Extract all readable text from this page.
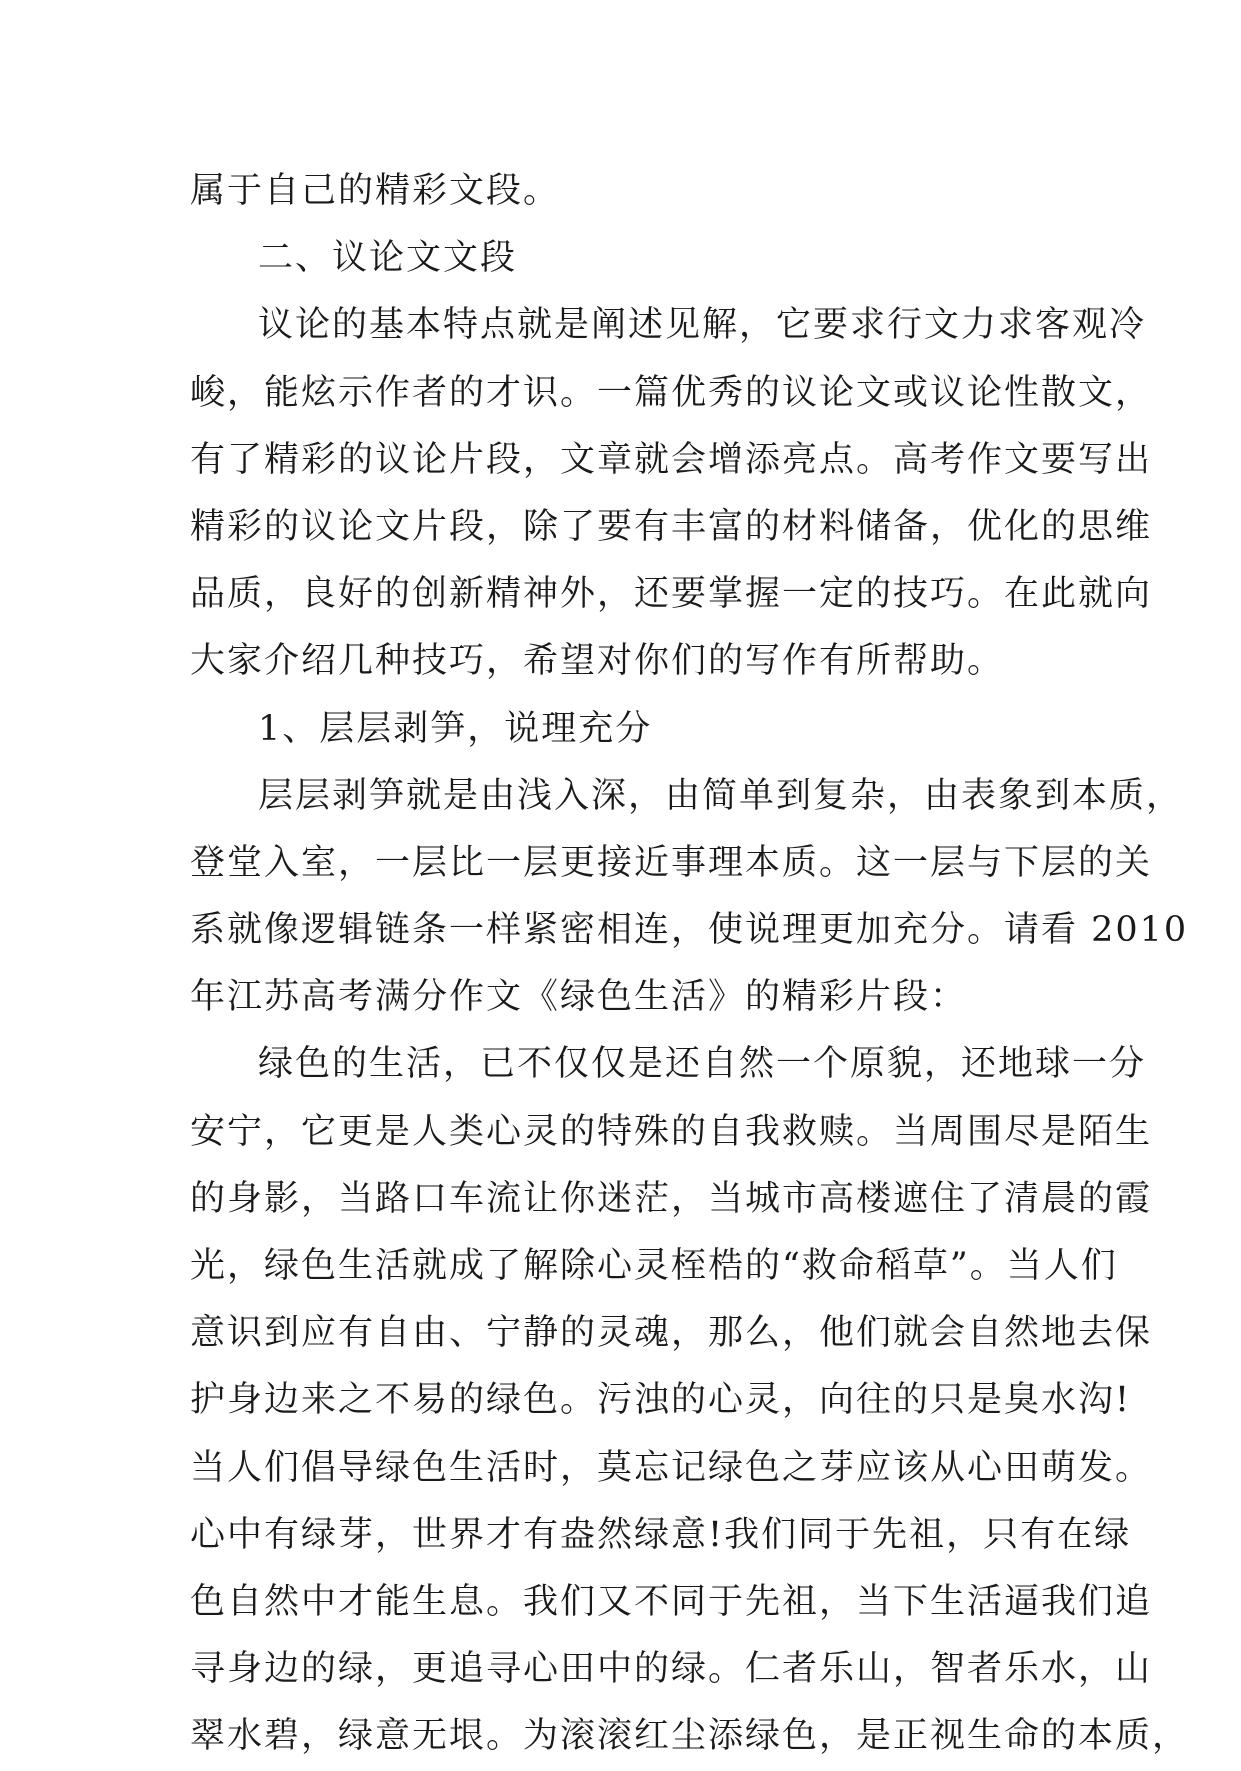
属于自己的精彩文段。

二、议论文文段

议论的基本特点就是阐述见解，它要求行文力求客观冷

峻，能炫示作者的才识。一篇优秀的议论文或议论性散文，

有了精彩的议论片段，文章就会增添亮点。高考作文要写出

精彩的议论文片段，除了要有丰富的材料储备，优化的思维

品质，良好的创新精神外，还要掌握一定的技巧。在此就向

大家介绍几种技巧，希望对你们的写作有所帮助。

1、层层剥笋，说理充分

层层剥笋就是由浅入深，由简单到复杂，由表象到本质，

登堂入室，一层比一层更接近事理本质。这一层与下层的关

系就像逻辑链条一样紧密相连，使说理更加充分。请看 2010

年江苏高考满分作文《绿色生活》的精彩片段：

绿色的生活，已不仅仅是还自然一个原貌，还地球一分

安宁，它更是人类心灵的特殊的自我救赎。当周围尽是陌生

的身影，当路口车流让你迷茫，当城市高楼遮住了清晨的霞

光，绿色生活就成了解除心灵桎梏的“救命稻草”。当人们

意识到应有自由、宁静的灵魂，那么，他们就会自然地去保

护身边来之不易的绿色。污浊的心灵，向往的只是臭水沟!

当人们倡导绿色生活时，莫忘记绿色之芽应该从心田萌发。

心中有绿芽，世界才有盎然绿意!我们同于先祖，只有在绿

色自然中才能生息。我们又不同于先祖，当下生活逼我们追

寻身边的绿，更追寻心田中的绿。仁者乐山，智者乐水，山

翠水碧，绿意无垠。为滚滚红尘添绿色，是正视生命的本质，
